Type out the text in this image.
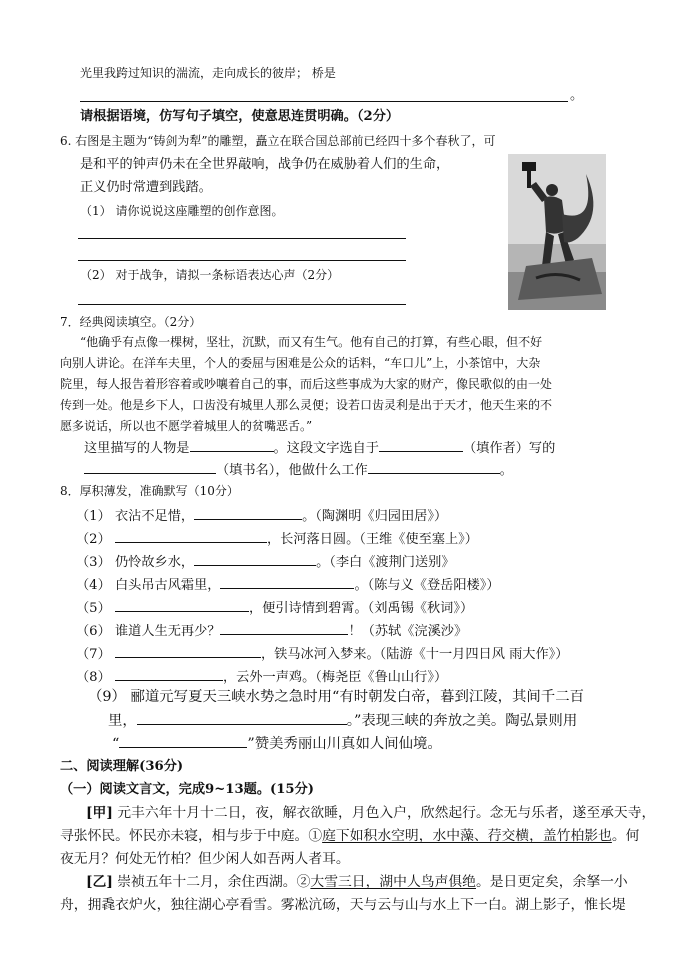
光里我跨过知识的湍流，走向成长的彼岸； 桥是
。
请根据语境，仿写句子填空，使意思连贯明确。（2分）
6. 右图是主题为“铸剑为犁”的雕塑，矗立在联合国总部前已经四十多个春秋了，可
是和平的钟声仍未在全世界敲响，战争仍在威胁着人们的生命，
正义仍时常遭到践踏。
（1） 请你说说这座雕塑的创作意图。
（2） 对于战争，请拟一条标语表达心声（2分）
7．经典阅读填空。（2分）
“他确乎有点像一棵树，坚壮，沉默，而又有生气。他有自己的打算，有些心眼，但不好
向别人讲论。在洋车夫里，个人的委屈与困难是公众的话料，“车口儿”上，小茶馆中，大杂
院里，每人报告着形容着或吵嚷着自己的事，而后这些事成为大家的财产，像民歌似的由一处
传到一处。他是乡下人，口齿没有城里人那么灵便；设若口齿灵利是出于天才，他天生来的不
愿多说话，所以也不愿学着城里人的贫嘴恶舌。”
这里描写的人物是	。这段文字选自于	（填作者）写的
（填书名），他做什么工作	。
8．厚积薄发，准确默写（10分）
（1） 衣沾不足惜，	。（陶渊明《归园田居》）
（2）	，长河落日圆。（王维《使至塞上》）
（3） 仍怜故乡水，	。（李白《渡荆门送别》
（4） 白头吊古风霜里，	。（陈与义《登岳阳楼》）
（5）	，便引诗情到碧霄。（刘禹锡《秋词》）
（6） 谁道人生无再少？	！（苏轼《浣溪沙》
（7）	，铁马冰河入梦来。（陆游《十一月四日风 雨大作》）
（8）	，云外一声鸡。（梅尧臣《鲁山山行》）
（9） 郦道元写夏天三峡水势之急时用“有时朝发白帝，暮到江陵，其间千二百
里，	。”表现三峡的奔放之美。陶弘景则用
“	”赞美秀丽山川真如人间仙境。
二、阅读理解(36分)
（一）阅读文言文，完成9~13题。(15分)
[甲] 元丰六年十月十二日，夜，解衣欲睡，月色入户，欣然起行。念无与乐者，遂至承天寺，
寻张怀民。怀民亦未寝，相与步于中庭。①庭下如积水空明，水中藻、荇交横，盖竹柏影也。何
夜无月？何处无竹柏？但少闲人如吾两人者耳。
[乙] 崇祯五年十二月，余住西湖。②大雪三日，湖中人鸟声俱绝。是日更定矣，余拏一小
舟，拥毳衣炉火，独往湖心亭看雪。雾凇沆砀，天与云与山与水上下一白。湖上影子，惟长堤
